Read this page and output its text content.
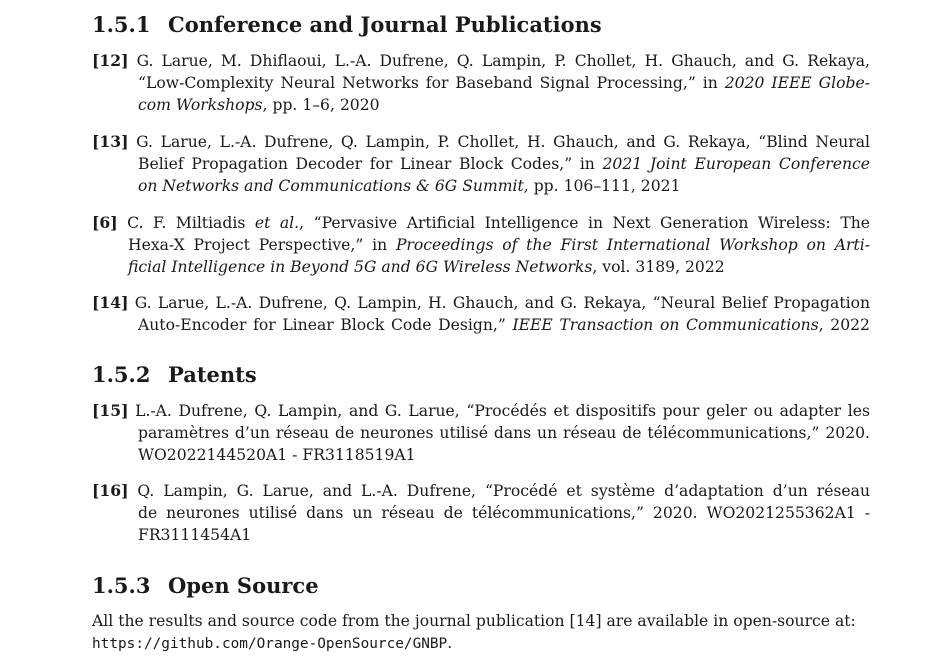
1.5.1 Conference and Journal Publications
[12] G. Larue, M. Dhiflaoui, L.-A. Dufrene, Q. Lampin, P. Chollet, H. Ghauch, and G. Rekaya,
“Low-Complexity Neural Networks for Baseband Signal Processing,” in 2020 IEEE Globe-
com Workshops, pp. 1–6, 2020
[13] G. Larue, L.-A. Dufrene, Q. Lampin, P. Chollet, H. Ghauch, and G. Rekaya, “Blind Neural
Belief Propagation Decoder for Linear Block Codes,” in 2021 Joint European Conference
on Networks and Communications & 6G Summit, pp. 106–111, 2021
[6] C. F. Miltiadis et al., “Pervasive Artificial Intelligence in Next Generation Wireless: The
Hexa-X Project Perspective,” in Proceedings of the First International Workshop on Arti-
ficial Intelligence in Beyond 5G and 6G Wireless Networks, vol. 3189, 2022
[14] G. Larue, L.-A. Dufrene, Q. Lampin, H. Ghauch, and G. Rekaya, “Neural Belief Propagation
Auto-Encoder for Linear Block Code Design,” IEEE Transaction on Communications, 2022
1.5.2 Patents
[15] L.-A. Dufrene, Q. Lampin, and G. Larue, “Procédés et dispositifs pour geler ou adapter les
paramètres d’un réseau de neurones utilisé dans un réseau de télécommunications,” 2020.
WO2022144520A1 - FR3118519A1
[16] Q. Lampin, G. Larue, and L.-A. Dufrene, “Procédé et système d’adaptation d’un réseau
de neurones utilisé dans un réseau de télécommunications,” 2020. WO2021255362A1 -
FR3111454A1
1.5.3 Open Source
All the results and source code from the journal publication [14] are available in open-source at:
https://github.com/Orange-OpenSource/GNBP.
